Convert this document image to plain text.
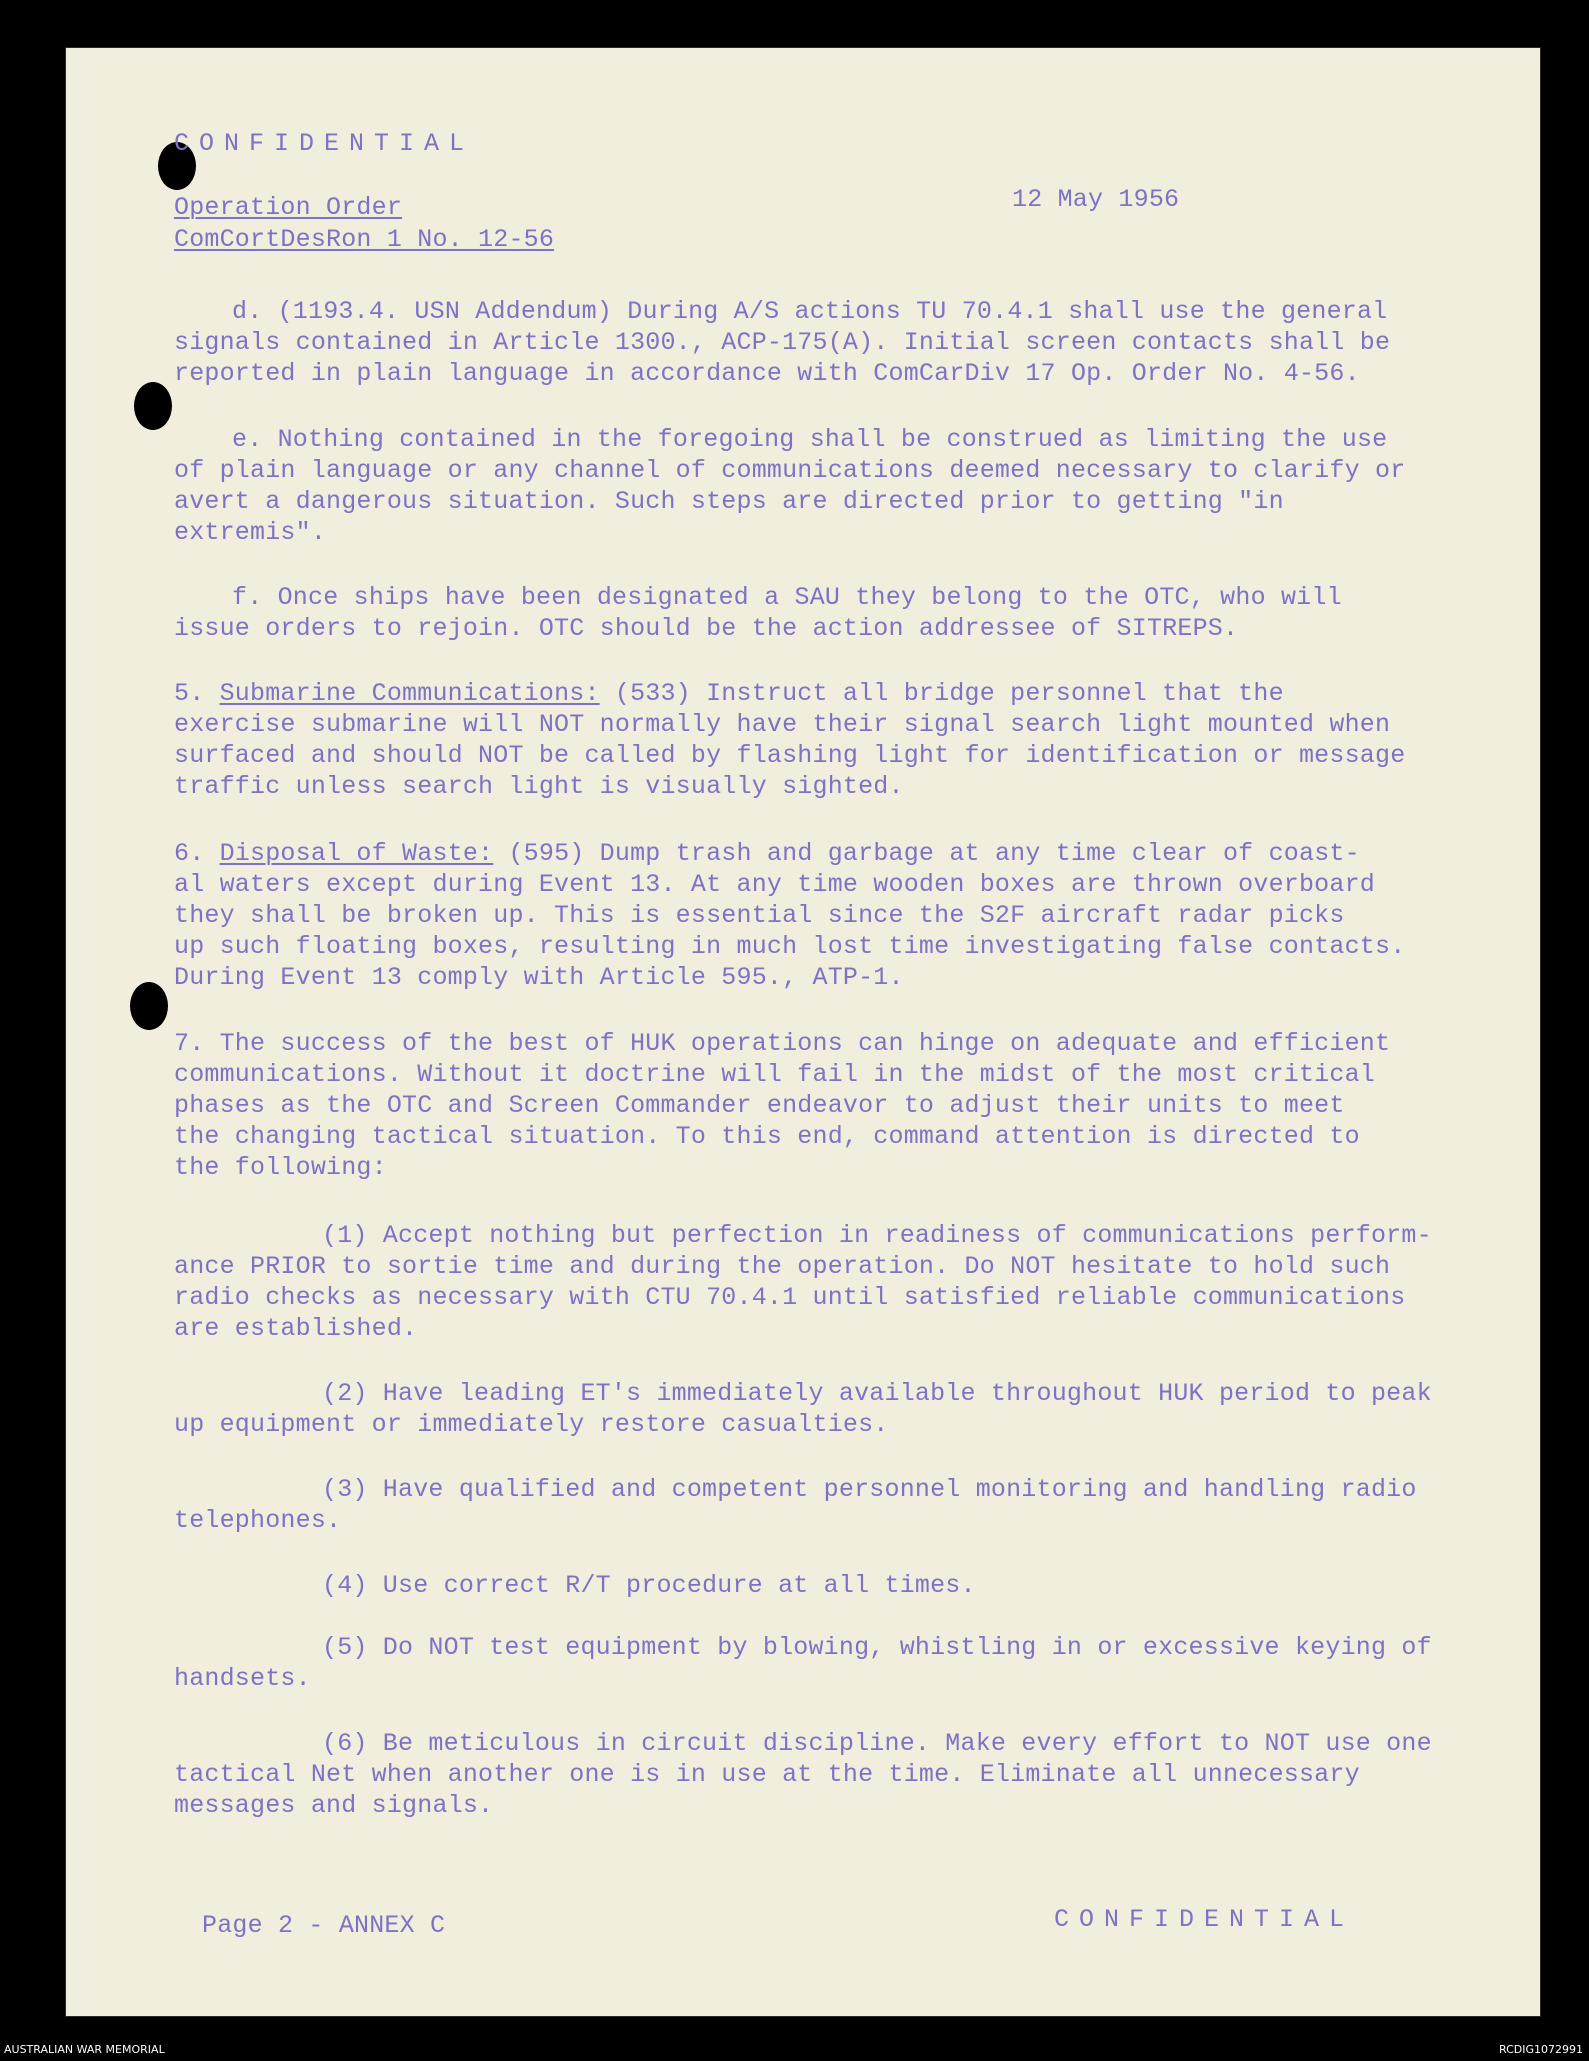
CONFIDENTIAL
Operation Order
ComCortDesRon 1 No. 12-56
12 May 1956
d. (1193.4. USN Addendum) During A/S actions TU 70.4.1 shall use the general
signals contained in Article 1300., ACP-175(A). Initial screen contacts shall be
reported in plain language in accordance with ComCarDiv 17 Op. Order No. 4-56.
e. Nothing contained in the foregoing shall be construed as limiting the use
of plain language or any channel of communications deemed necessary to clarify or
avert a dangerous situation. Such steps are directed prior to getting "in
extremis".
f. Once ships have been designated a SAU they belong to the OTC, who will
issue orders to rejoin. OTC should be the action addressee of SITREPS.
5. Submarine Communications: (533) Instruct all bridge personnel that the
exercise submarine will NOT normally have their signal search light mounted when
surfaced and should NOT be called by flashing light for identification or message
traffic unless search light is visually sighted.
6. Disposal of Waste: (595) Dump trash and garbage at any time clear of coast-
al waters except during Event 13. At any time wooden boxes are thrown overboard
they shall be broken up. This is essential since the S2F aircraft radar picks
up such floating boxes, resulting in much lost time investigating false contacts.
During Event 13 comply with Article 595., ATP-1.
7. The success of the best of HUK operations can hinge on adequate and efficient
communications. Without it doctrine will fail in the midst of the most critical
phases as the OTC and Screen Commander endeavor to adjust their units to meet
the changing tactical situation. To this end, command attention is directed to
the following:
(1) Accept nothing but perfection in readiness of communications perform-
ance PRIOR to sortie time and during the operation. Do NOT hesitate to hold such
radio checks as necessary with CTU 70.4.1 until satisfied reliable communications
are established.
(2) Have leading ET's immediately available throughout HUK period to peak
up equipment or immediately restore casualties.
(3) Have qualified and competent personnel monitoring and handling radio
telephones.
(4) Use correct R/T procedure at all times.
(5) Do NOT test equipment by blowing, whistling in or excessive keying of
handsets.
(6) Be meticulous in circuit discipline. Make every effort to NOT use one
tactical Net when another one is in use at the time. Eliminate all unnecessary
messages and signals.
Page 2 - ANNEX C	CONFIDENTIAL
AUSTRALIAN WAR MEMORIAL	RCDIG1072991
